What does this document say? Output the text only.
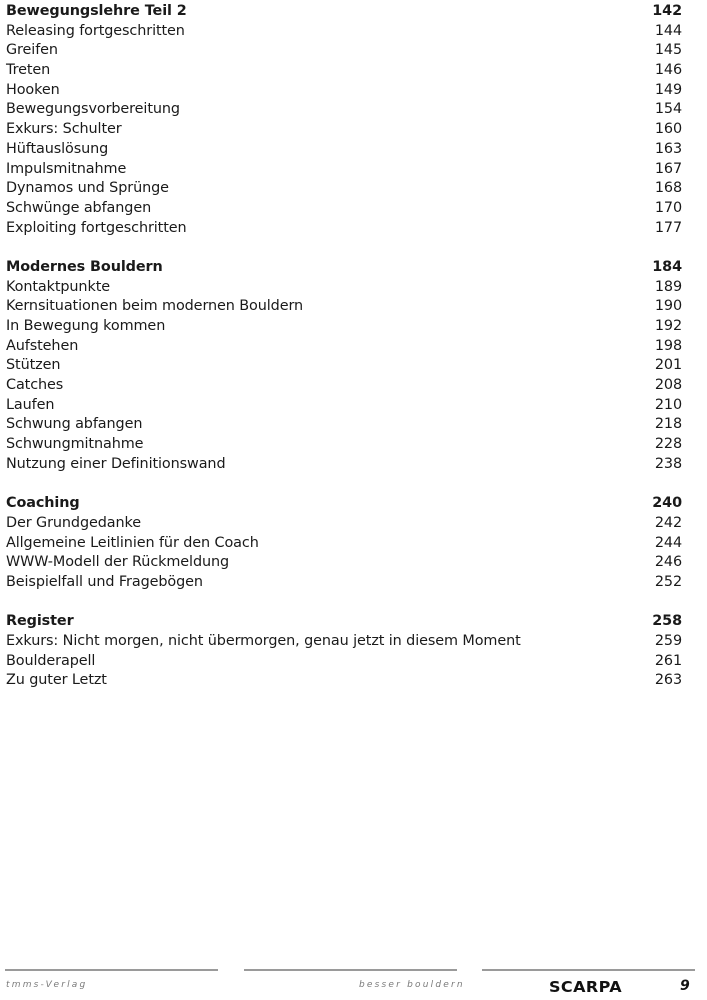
Bewegungslehre Teil 2	142
Releasing fortgeschritten	144
Greifen	145
Treten	146
Hooken	149
Bewegungsvorbereitung	154
Exkurs: Schulter	160
Hüftauslösung	163
Impulsmitnahme	167
Dynamos und Sprünge	168
Schwünge abfangen	170
Exploiting fortgeschritten	177
Modernes Bouldern	184
Kontaktpunkte	189
Kernsituationen beim modernen Bouldern	190
In Bewegung kommen	192
Aufstehen	198
Stützen	201
Catches	208
Laufen	210
Schwung abfangen	218
Schwungmitnahme	228
Nutzung einer Definitionswand	238
Coaching	240
Der Grundgedanke	242
Allgemeine Leitlinien für den Coach	244
WWW-Modell der Rückmeldung	246
Beispielfall und Fragebögen	252
Register	258
Exkurs: Nicht morgen, nicht übermorgen, genau jetzt in diesem Moment	259
Boulderapell	261
Zu guter Letzt	263
tmms-Verlag	besser bouldern	SCARPA	9
